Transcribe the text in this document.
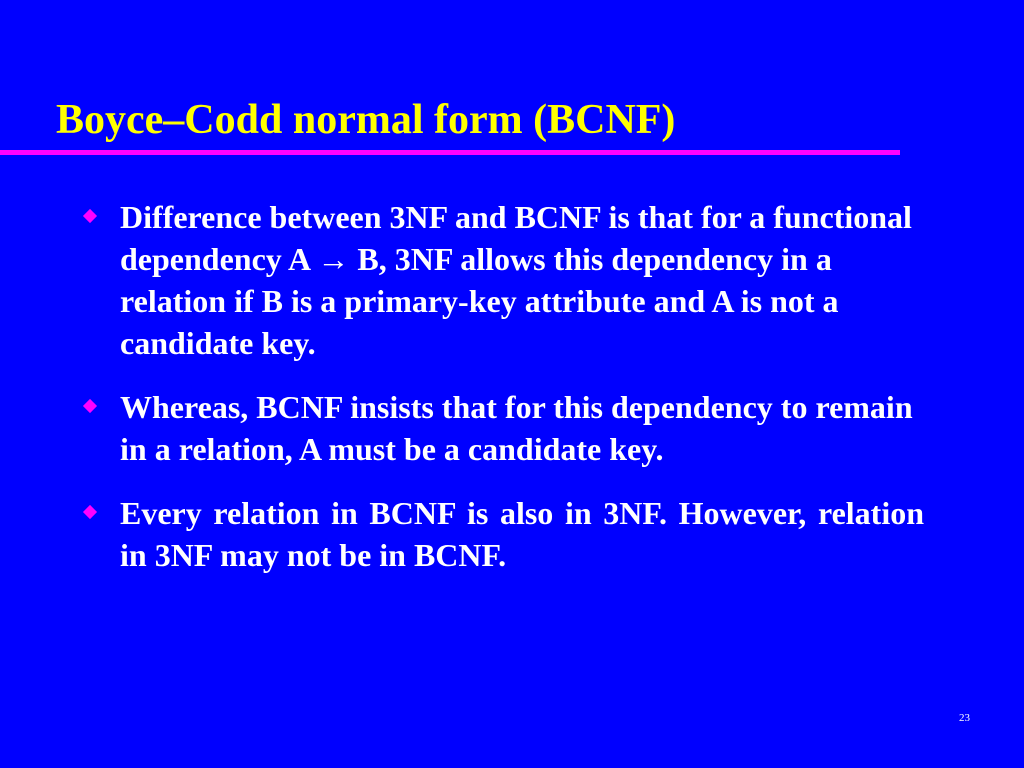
Boyce–Codd normal form (BCNF)
Difference between 3NF and BCNF is that for a functional dependency A → B, 3NF allows this dependency in a relation if B is a primary-key attribute and A is not a candidate key.
Whereas, BCNF insists that for this dependency to remain in a relation, A must be a candidate key.
Every relation in BCNF is also in 3NF. However, relation in 3NF may not be in BCNF.
23
